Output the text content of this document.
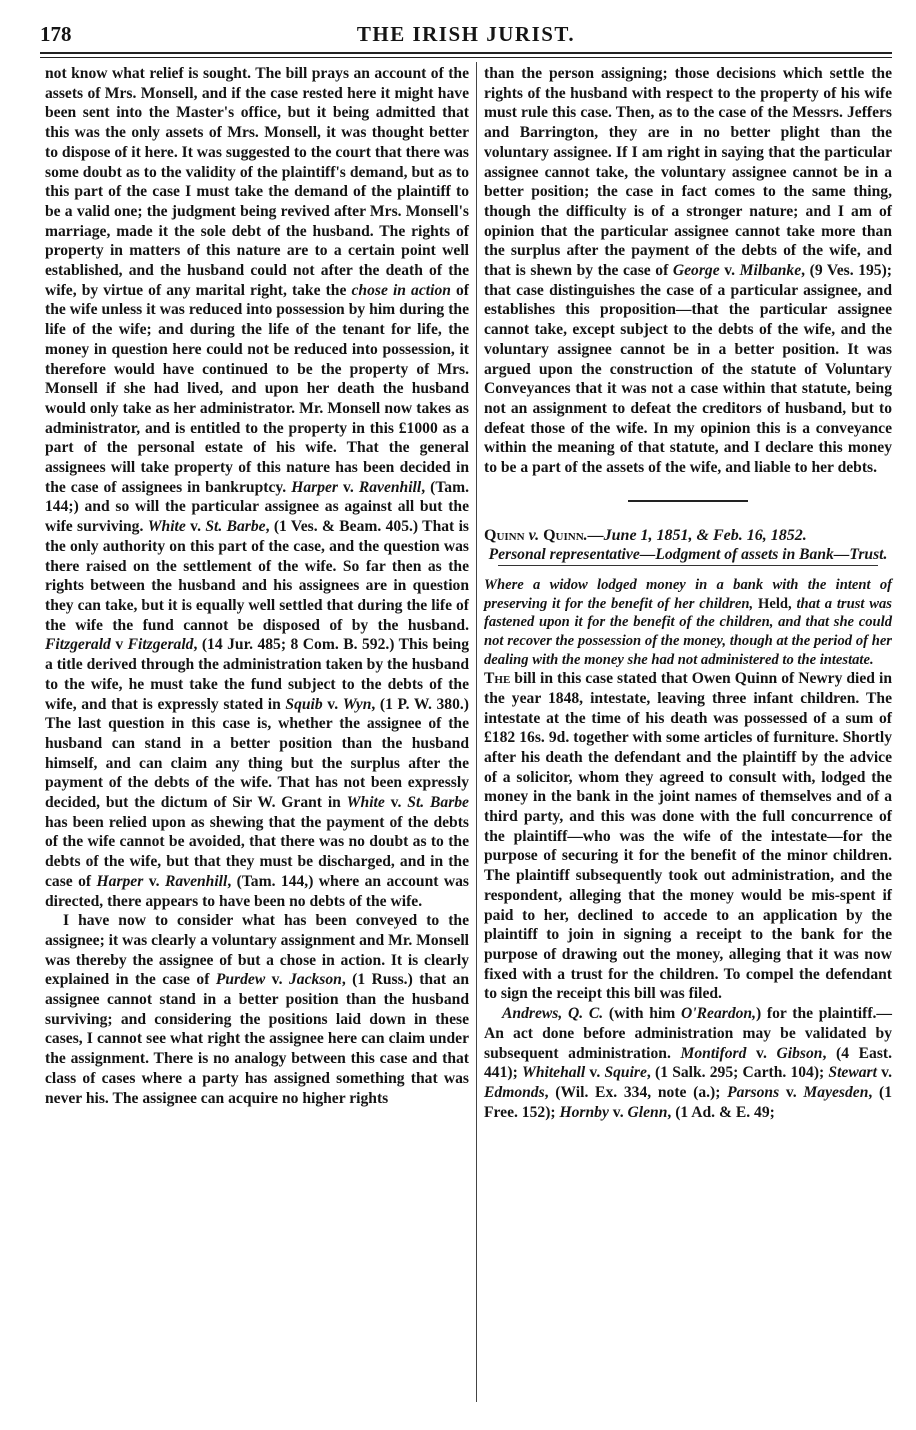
178	THE IRISH JURIST.

not know what relief is sought. The bill prays an account of the assets of Mrs. Monsell, and if the case rested here it might have been sent into the Master's office, but it being admitted that this was the only assets of Mrs. Monsell, it was thought better to dispose of it here. It was suggested to the court that there was some doubt as to the validity of the plaintiff's demand, but as to this part of the case I must take the demand of the plaintiff to be a valid one; the judgment being revived after Mrs. Monsell's marriage, made it the sole debt of the husband. The rights of property in matters of this nature are to a certain point well established, and the husband could not after the death of the wife, by virtue of any marital right, take the chose in action of the wife unless it was reduced into possession by him during the life of the wife; and during the life of the tenant for life, the money in question here could not be reduced into possession, it therefore would have continued to be the property of Mrs. Monsell if she had lived, and upon her death the husband would only take as her administrator. Mr. Monsell now takes as administrator, and is entitled to the property in this £1000 as a part of the personal estate of his wife. That the general assignees will take property of this nature has been decided in the case of assignees in bankruptcy. Harper v. Ravenhill, (Tam. 144;) and so will the particular assignee as against all but the wife surviving. White v. St. Barbe, (1 Ves. & Beam. 405.) That is the only authority on this part of the case, and the question was there raised on the settlement of the wife. So far then as the rights between the husband and his assignees are in question they can take, but it is equally well settled that during the life of the wife the fund cannot be disposed of by the husband. Fitzgerald v Fitzgerald, (14 Jur. 485; 8 Com. B. 592.) This being a title derived through the administration taken by the husband to the wife, he must take the fund subject to the debts of the wife, and that is expressly stated in Squib v. Wyn, (1 P. W. 380.) The last question in this case is, whether the assignee of the husband can stand in a better position than the husband himself, and can claim any thing but the surplus after the payment of the debts of the wife. That has not been expressly decided, but the dictum of Sir W. Grant in White v. St. Barbe has been relied upon as shewing that the payment of the debts of the wife cannot be avoided, that there was no doubt as to the debts of the wife, but that they must be discharged, and in the case of Harper v. Ravenhill, (Tam. 144,) where an account was directed, there appears to have been no debts of the wife.

I have now to consider what has been conveyed to the assignee; it was clearly a voluntary assignment and Mr. Monsell was thereby the assignee of but a chose in action. It is clearly explained in the case of Purdew v. Jackson, (1 Russ.) that an assignee cannot stand in a better position than the husband surviving; and considering the positions laid down in these cases, I cannot see what right the assignee here can claim under the assignment. There is no analogy between this case and that class of cases where a party has assigned something that was never his. The assignee can acquire no higher rights

than the person assigning; those decisions which settle the rights of the husband with respect to the property of his wife must rule this case. Then, as to the case of the Messrs. Jeffers and Barrington, they are in no better plight than the voluntary assignee. If I am right in saying that the particular assignee cannot take, the voluntary assignee cannot be in a better position; the case in fact comes to the same thing, though the difficulty is of a stronger nature; and I am of opinion that the particular assignee cannot take more than the surplus after the payment of the debts of the wife, and that is shewn by the case of George v. Milbanke, (9 Ves. 195); that case distinguishes the case of a particular assignee, and establishes this proposition—that the particular assignee cannot take, except subject to the debts of the wife, and the voluntary assignee cannot be in a better position. It was argued upon the construction of the statute of Voluntary Conveyances that it was not a case within that statute, being not an assignment to defeat the creditors of husband, but to defeat those of the wife. In my opinion this is a conveyance within the meaning of that statute, and I declare this money to be a part of the assets of the wife, and liable to her debts.

Quinn v. Quinn.—June 1, 1851, & Feb. 16, 1852.

Personal representative—Lodgment of assets in Bank—Trust.

Where a widow lodged money in a bank with the intent of preserving it for the benefit of her children, Held, that a trust was fastened upon it for the benefit of the children, and that she could not recover the possession of the money, though at the period of her dealing with the money she had not administered to the intestate.

The bill in this case stated that Owen Quinn of Newry died in the year 1848, intestate, leaving three infant children. The intestate at the time of his death was possessed of a sum of £182 16s. 9d. together with some articles of furniture. Shortly after his death the defendant and the plaintiff by the advice of a solicitor, whom they agreed to consult with, lodged the money in the bank in the joint names of themselves and of a third party, and this was done with the full concurrence of the plaintiff—who was the wife of the intestate—for the purpose of securing it for the benefit of the minor children. The plaintiff subsequently took out administration, and the respondent, alleging that the money would be mis-spent if paid to her, declined to accede to an application by the plaintiff to join in signing a receipt to the bank for the purpose of drawing out the money, alleging that it was now fixed with a trust for the children. To compel the defendant to sign the receipt this bill was filed.

Andrews, Q. C. (with him O'Reardon,) for the plaintiff.—An act done before administration may be validated by subsequent administration. Montiford v. Gibson, (4 East. 441); Whitehall v. Squire, (1 Salk. 295; Carth. 104); Stewart v. Edmonds, (Wil. Ex. 334, note (a.); Parsons v. Mayesden, (1 Free. 152); Hornby v. Glenn, (1 Ad. & E. 49;
